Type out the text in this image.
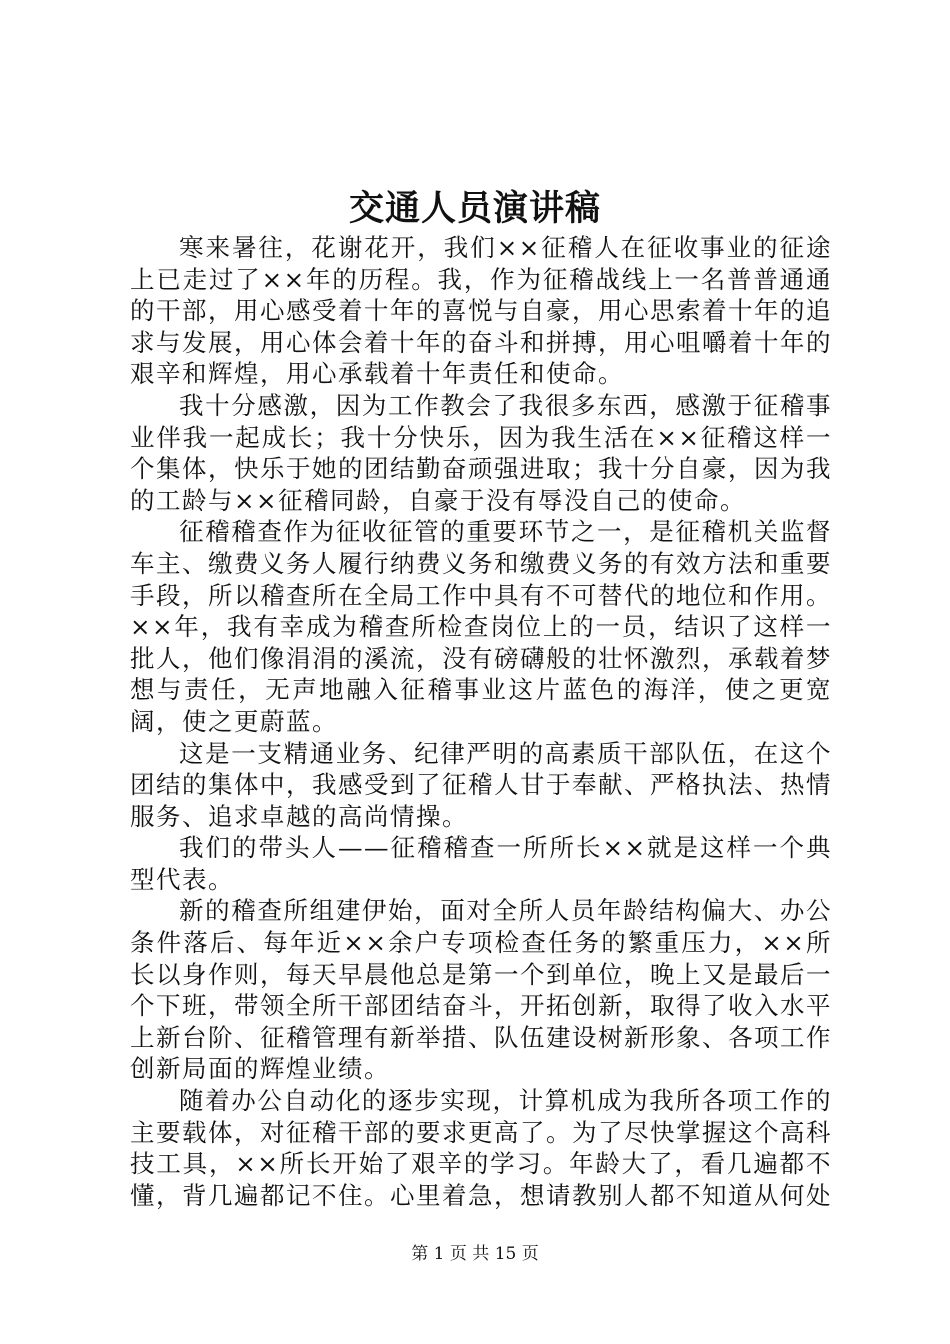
交通人员演讲稿

寒来暑往，花谢花开，我们××征稽人在征收事业的征途上已走过了××年的历程。我，作为征稽战线上一名普普通通的干部，用心感受着十年的喜悦与自豪，用心思索着十年的追求与发展，用心体会着十年的奋斗和拼搏，用心咀嚼着十年的艰辛和辉煌，用心承载着十年责任和使命。

我十分感激，因为工作教会了我很多东西，感激于征稽事业伴我一起成长；我十分快乐，因为我生活在××征稽这样一个集体，快乐于她的团结勤奋顽强进取；我十分自豪，因为我的工龄与××征稽同龄，自豪于没有辱没自己的使命。

征稽稽查作为征收征管的重要环节之一，是征稽机关监督车主、缴费义务人履行纳费义务和缴费义务的有效方法和重要手段，所以稽查所在全局工作中具有不可替代的地位和作用。××年，我有幸成为稽查所检查岗位上的一员，结识了这样一批人，他们像涓涓的溪流，没有磅礴般的壮怀激烈，承载着梦想与责任，无声地融入征稽事业这片蓝色的海洋，使之更宽阔，使之更蔚蓝。

这是一支精通业务、纪律严明的高素质干部队伍，在这个团结的集体中，我感受到了征稽人甘于奉献、严格执法、热情服务、追求卓越的高尚情操。

我们的带头人——征稽稽查一所所长××就是这样一个典型代表。

新的稽查所组建伊始，面对全所人员年龄结构偏大、办公条件落后、每年近××余户专项检查任务的繁重压力，××所长以身作则，每天早晨他总是第一个到单位，晚上又是最后一个下班，带领全所干部团结奋斗，开拓创新，取得了收入水平上新台阶、征稽管理有新举措、队伍建设树新形象、各项工作创新局面的辉煌业绩。

随着办公自动化的逐步实现，计算机成为我所各项工作的主要载体，对征稽干部的要求更高了。为了尽快掌握这个高科技工具，××所长开始了艰辛的学习。年龄大了，看几遍都不懂，背几遍都记不住。心里着急，想请教别人都不知道从何处

第 1 页 共 15 页
